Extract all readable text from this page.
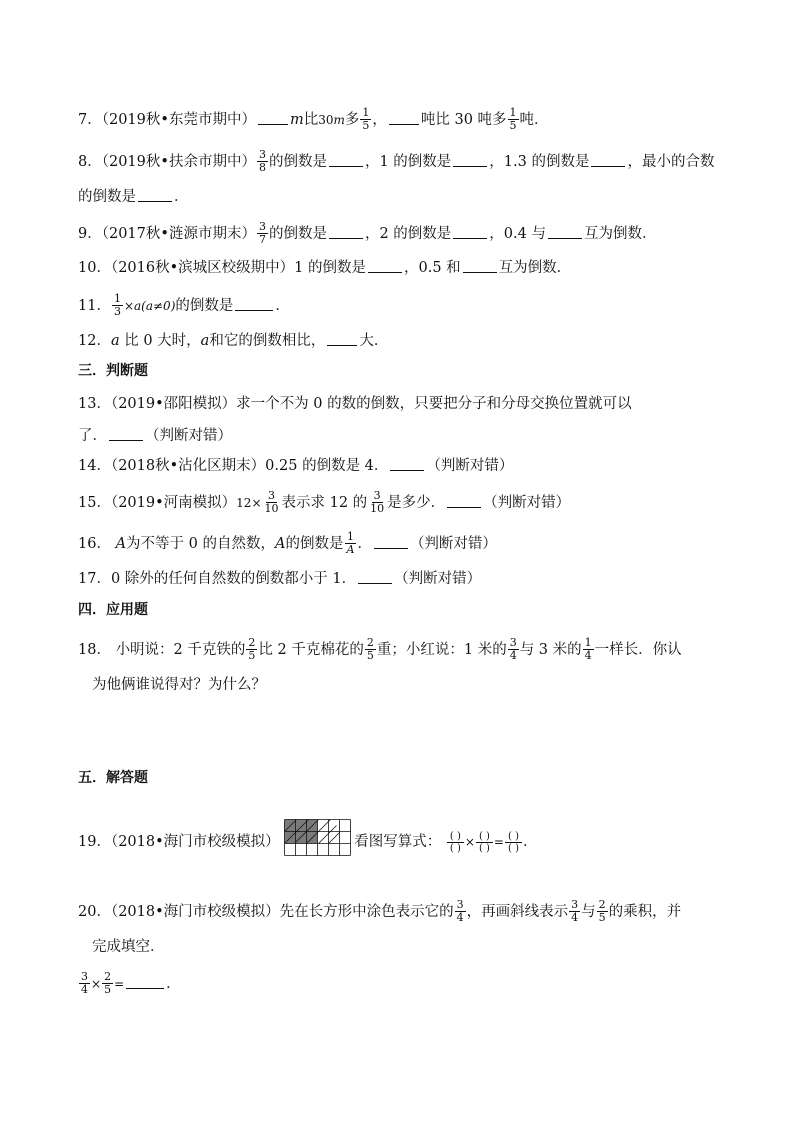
7．（2019秋•东莞市期中） m比30m多 $\frac{1}{5}$ ， 吨比 30 吨多 $\frac{1}{5}$ 吨．
8．（2019秋•扶余市期中） $\frac{3}{8}$ 的倒数是	，1 的倒数是	，1.3 的倒数是	，最小的合数
的倒数是	．
9．（2017秋•涟源市期末） $\frac{3}{7}$ 的倒数是	，2 的倒数是	，0.4 与	互为倒数．
10．（2016秋•滨城区校级期中）1 的倒数是	，0.5 和	互为倒数．
11． $\frac{1}{3} \times a(a\ne 0)$的倒数是	．
12．a 比 0 大时，a和它的倒数相比， 大．
三．判断题
13．（2019•邵阳模拟）求一个不为 0 的数的倒数，只要把分子和分母交换位置就可以
了．	（判断对错）
14．（2018秋•沾化区期末）0.25 的倒数是 4．	（判断对错）
15．（2019•河南模拟）$12\times \frac{3}{10}$ 表示求 12 的 $\frac{3}{10}$ 是多少．	（判断对错）
16． A为不等于 0 的自然数，A的倒数是 $\frac{1}{A}$ ．	（判断对错）
17．0 除外的任何自然数的倒数都小于 1．	（判断对错）
四．应用题
18． 小明说：2 千克铁的 $\frac{2}{5}$ 比 2 千克棉花的 $\frac{2}{5}$ 重；小红说：1 米的 $\frac{3}{4}$ 与 3 米的 $\frac{1}{4}$ 一样长．你认
为他俩谁说得对？为什么？
五．解答题
19．（2018•海门市校级模拟）	看图写算式： $\frac{( )}{( )} \times \frac{( )}{( )} = \frac{( )}{( )}$ ．
20．（2018•海门市校级模拟）先在长方形中涂色表示它的 $\frac{3}{4}$ ，再画斜线表示 $\frac{3}{4}$ 与 $\frac{2}{5}$ 的乘积，并
完成填空．
$\frac{3}{4} \times \frac{2}{5}$ =	．
